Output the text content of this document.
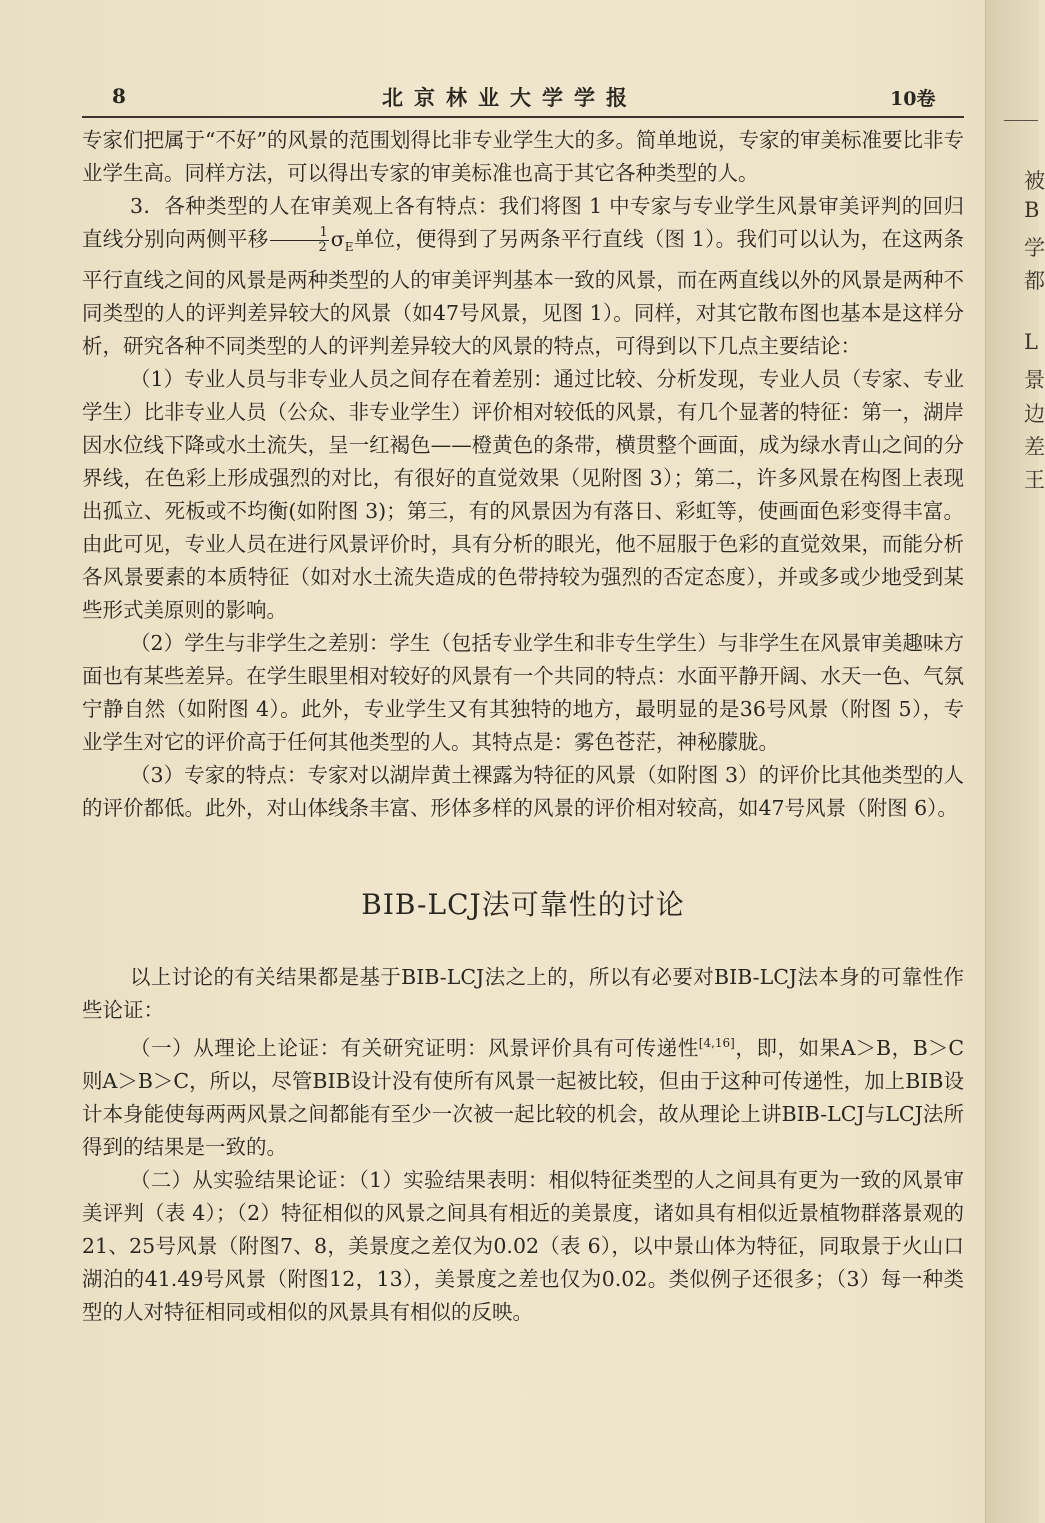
被
B
学
都
L
景
边
差
王
8	北京林业大学学报	10卷

专家们把属于“不好”的风景的范围划得比非专业学生大的多。简单地说，专家的审美标准要比非专业学生高。同样方法，可以得出专家的审美标准也高于其它各种类型的人。

3．各种类型的人在审美观上各有特点：我们将图 1 中专家与专业学生风景审美评判的回归直线分别向两侧平移 $\frac{1}{2} \sigma_E$单位，便得到了另两条平行直线（图 1）。我们可以认为，在这两条平行直线之间的风景是两种类型的人的审美评判基本一致的风景，而在两直线以外的风景是两种不同类型的人的评判差异较大的风景（如47号风景，见图 1）。同样，对其它散布图也基本是这样分析，研究各种不同类型的人的评判差异较大的风景的特点，可得到以下几点主要结论：

（1）专业人员与非专业人员之间存在着差别：通过比较、分析发现，专业人员（专家、专业学生）比非专业人员（公众、非专业学生）评价相对较低的风景，有几个显著的特征：第一，湖岸因水位线下降或水土流失，呈一红褐色——橙黄色的条带，横贯整个画面，成为绿水青山之间的分界线，在色彩上形成强烈的对比，有很好的直觉效果（见附图 3）；第二，许多风景在构图上表现出孤立、死板或不均衡(如附图 3)；第三，有的风景因为有落日、彩虹等，使画面色彩变得丰富。由此可见，专业人员在进行风景评价时，具有分析的眼光，他不屈服于色彩的直觉效果，而能分析各风景要素的本质特征（如对水土流失造成的色带持较为强烈的否定态度），并或多或少地受到某些形式美原则的影响。

（2）学生与非学生之差别：学生（包括专业学生和非专生学生）与非学生在风景审美趣味方面也有某些差异。在学生眼里相对较好的风景有一个共同的特点：水面平静开阔、水天一色、气氛宁静自然（如附图 4）。此外，专业学生又有其独特的地方，最明显的是36号风景（附图 5），专业学生对它的评价高于任何其他类型的人。其特点是：雾色苍茫，神秘朦胧。

（3）专家的特点：专家对以湖岸黄土裸露为特征的风景（如附图 3）的评价比其他类型的人的评价都低。此外，对山体线条丰富、形体多样的风景的评价相对较高，如47号风景（附图 6）。

BIB-LCJ法可靠性的讨论

以上讨论的有关结果都是基于BIB-LCJ法之上的，所以有必要对BIB-LCJ法本身的可靠性作些论证：

（一）从理论上论证：有关研究证明：风景评价具有可传递性[4,16]，即，如果A＞B，B＞C 则A＞B＞C，所以，尽管BIB设计没有使所有风景一起被比较，但由于这种可传递性，加上BIB设计本身能使每两两风景之间都能有至少一次被一起比较的机会，故从理论上讲BIB-LCJ与LCJ法所得到的结果是一致的。

（二）从实验结果论证：（1）实验结果表明：相似特征类型的人之间具有更为一致的风景审美评判（表 4）；（2）特征相似的风景之间具有相近的美景度，诸如具有相似近景植物群落景观的21、25号风景（附图7、8，美景度之差仅为0.02（表 6），以中景山体为特征，同取景于火山口湖泊的41.49号风景（附图12，13），美景度之差也仅为0.02。类似例子还很多；（3）每一种类型的人对特征相同或相似的风景具有相似的反映。
